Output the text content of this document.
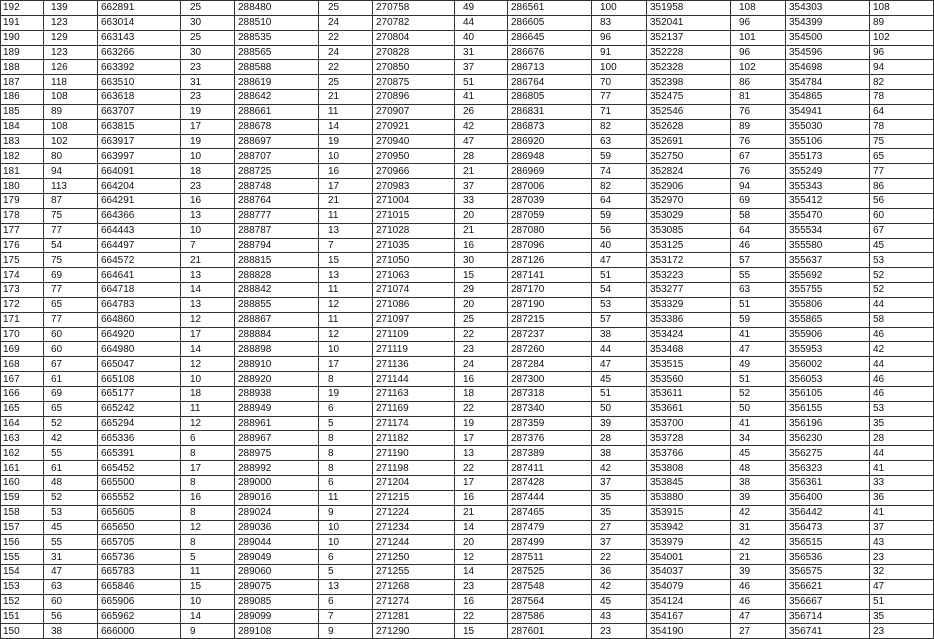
192	139	662891	25	288480	25	270758	49	286561	100	351958	108	354303	108	
191	123	663014	30	288510	24	270782	44	286605	83	352041	96	354399	89	
190	129	663143	25	288535	22	270804	40	286645	96	352137	101	354500	102	
189	123	663266	30	288565	24	270828	31	286676	91	352228	96	354596	96	
188	126	663392	23	288588	22	270850	37	286713	100	352328	102	354698	94	
187	118	663510	31	288619	25	270875	51	286764	70	352398	86	354784	82	
186	108	663618	23	288642	21	270896	41	286805	77	352475	81	354865	78	
185	89	663707	19	288661	11	270907	26	286831	71	352546	76	354941	64	
184	108	663815	17	288678	14	270921	42	286873	82	352628	89	355030	78	
183	102	663917	19	288697	19	270940	47	286920	63	352691	76	355106	75	
182	80	663997	10	288707	10	270950	28	286948	59	352750	67	355173	65	
181	94	664091	18	288725	16	270966	21	286969	74	352824	76	355249	77	
180	113	664204	23	288748	17	270983	37	287006	82	352906	94	355343	86	
179	87	664291	16	288764	21	271004	33	287039	64	352970	69	355412	56	
178	75	664366	13	288777	11	271015	20	287059	59	353029	58	355470	60	
177	77	664443	10	288787	13	271028	21	287080	56	353085	64	355534	67	
176	54	664497	7	288794	7	271035	16	287096	40	353125	46	355580	45	
175	75	664572	21	288815	15	271050	30	287126	47	353172	57	355637	53	
174	69	664641	13	288828	13	271063	15	287141	51	353223	55	355692	52	
173	77	664718	14	288842	11	271074	29	287170	54	353277	63	355755	52	
172	65	664783	13	288855	12	271086	20	287190	53	353329	51	355806	44	
171	77	664860	12	288867	11	271097	25	287215	57	353386	59	355865	58	
170	60	664920	17	288884	12	271109	22	287237	38	353424	41	355906	46	
169	60	664980	14	288898	10	271119	23	287260	44	353468	47	355953	42	
168	67	665047	12	288910	17	271136	24	287284	47	353515	49	356002	44	
167	61	665108	10	288920	8	271144	16	287300	45	353560	51	356053	46	
166	69	665177	18	288938	19	271163	18	287318	51	353611	52	356105	46	
165	65	665242	11	288949	6	271169	22	287340	50	353661	50	356155	53	
164	52	665294	12	288961	5	271174	19	287359	39	353700	41	356196	35	
163	42	665336	6	288967	8	271182	17	287376	28	353728	34	356230	28	
162	55	665391	8	288975	8	271190	13	287389	38	353766	45	356275	44	
161	61	665452	17	288992	8	271198	22	287411	42	353808	48	356323	41	
160	48	665500	8	289000	6	271204	17	287428	37	353845	38	356361	33	
159	52	665552	16	289016	11	271215	16	287444	35	353880	39	356400	36	
158	53	665605	8	289024	9	271224	21	287465	35	353915	42	356442	41	
157	45	665650	12	289036	10	271234	14	287479	27	353942	31	356473	37	
156	55	665705	8	289044	10	271244	20	287499	37	353979	42	356515	43	
155	31	665736	5	289049	6	271250	12	287511	22	354001	21	356536	23	
154	47	665783	11	289060	5	271255	14	287525	36	354037	39	356575	32	
153	63	665846	15	289075	13	271268	23	287548	42	354079	46	356621	47	
152	60	665906	10	289085	6	271274	16	287564	45	354124	46	356667	51	
151	56	665962	14	289099	7	271281	22	287586	43	354167	47	356714	35	
150	38	666000	9	289108	9	271290	15	287601	23	354190	27	356741	23	
